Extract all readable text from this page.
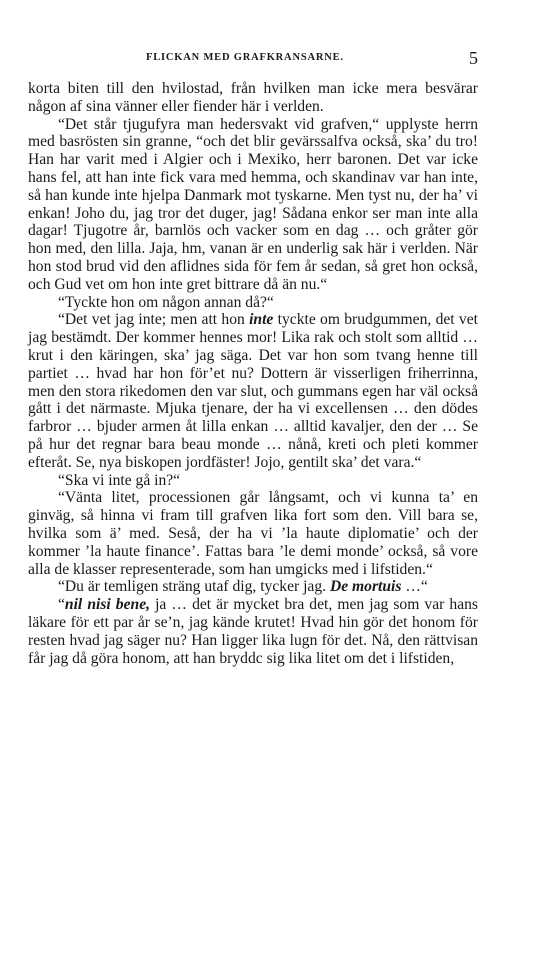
FLICKAN MED GRAFKRANSARNE.	5

korta biten till den hvilostad, från hvilken man icke mera besvärar någon af sina vänner eller fiender här i verlden.

“Det står tjugufyra man hedersvakt vid grafven,“ upplyste herrn med basrösten sin granne, “och det blir gevärssalfva också, ska’ du tro! Han har varit med i Algier och i Mexiko, herr baronen. Det var icke hans fel, att han inte fick vara med hemma, och skandinav var han inte, så han kunde inte hjelpa Danmark mot tyskarne. Men tyst nu, der ha’ vi enkan! Joho du, jag tror det duger, jag! Sådana enkor ser man inte alla dagar! Tjugotre år, barnlös och vacker som en dag … och gråter gör hon med, den lilla. Jaja, hm, vanan är en underlig sak här i verlden. När hon stod brud vid den aflidnes sida för fem år sedan, så gret hon också, och Gud vet om hon inte gret bittrare då än nu.“

“Tyckte hon om någon annan då?“

“Det vet jag inte; men att hon inte tyckte om brudgummen, det vet jag bestämdt. Der kommer hennes mor! Lika rak och stolt som alltid … krut i den käringen, ska’ jag säga. Det var hon som tvang henne till partiet … hvad har hon för’et nu? Dottern är visserligen friherrinna, men den stora rikedomen den var slut, och gummans egen har väl också gått i det närmaste. Mjuka tjenare, der ha vi excellensen … den dödes farbror … bjuder armen åt lilla enkan … alltid kavaljer, den der … Se på hur det regnar bara beau monde … nånå, kreti och pleti kommer efteråt. Se, nya biskopen jordfäster! Jojo, gentilt ska’ det vara.“

“Ska vi inte gå in?“

“Vänta litet, processionen går långsamt, och vi kunna ta’ en ginväg, så hinna vi fram till grafven lika fort som den. Vill bara se, hvilka som ä’ med. Seså, der ha vi ’la haute diplomatie’ och der kommer ’la haute finance’. Fattas bara ’le demi monde’ också, så vore alla de klasser representerade, som han umgicks med i lifstiden.“

“Du är temligen sträng utaf dig, tycker jag. De mortuis …“

“nil nisi bene, ja … det är mycket bra det, men jag som var hans läkare för ett par år se’n, jag kände krutet! Hvad hin gör det honom för resten hvad jag säger nu? Han ligger lika lugn för det. Nå, den rättvisan får jag då göra honom, att han bryddc sig lika litet om det i lifstiden,
